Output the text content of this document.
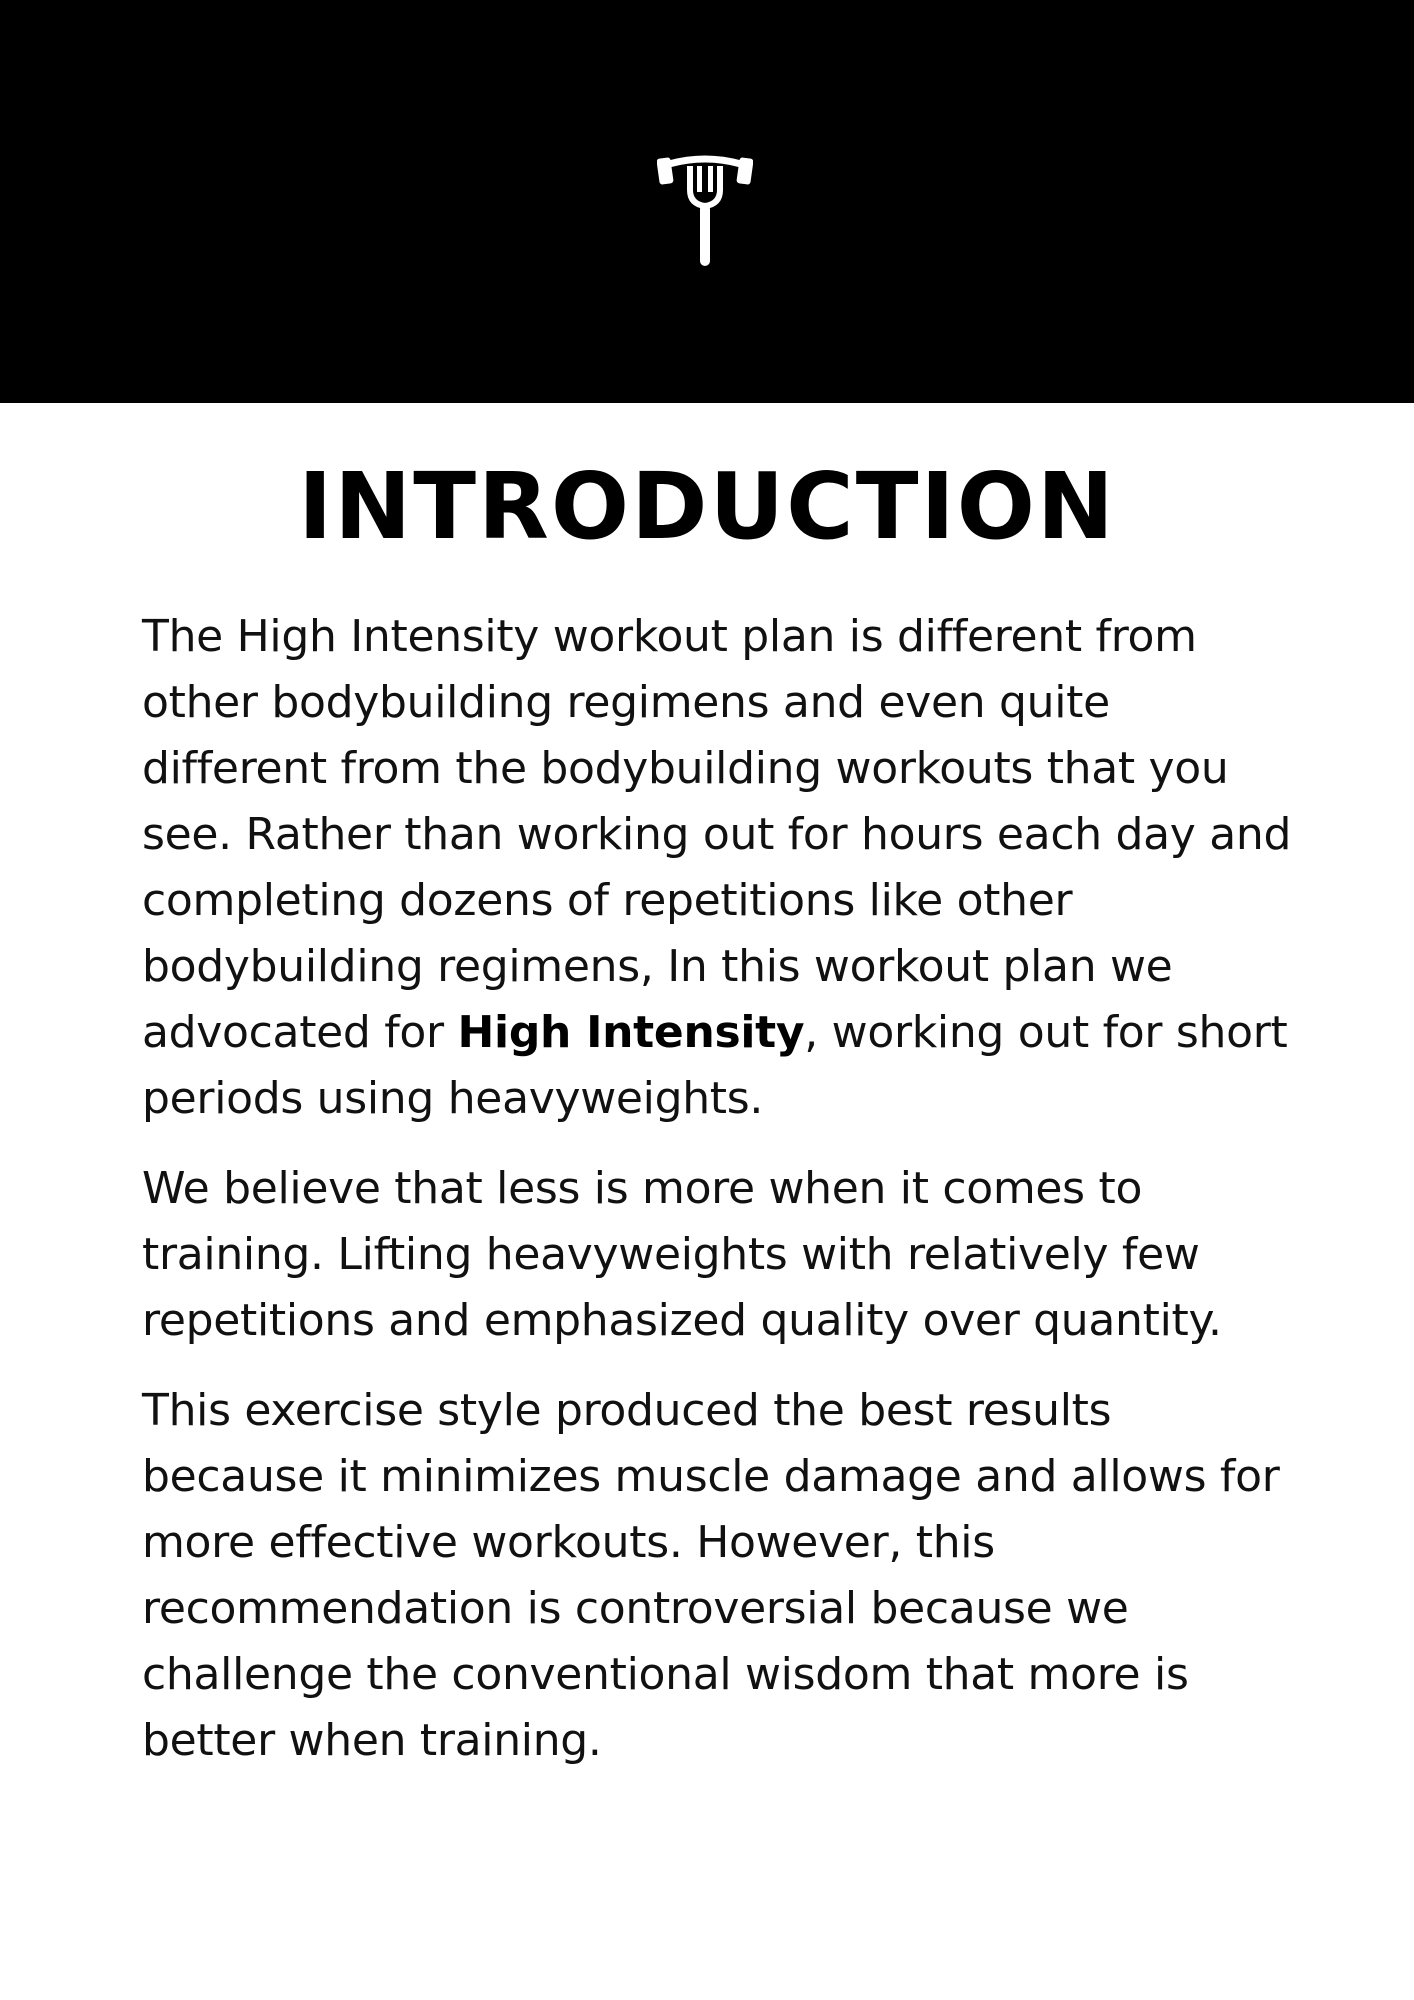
INTRODUCTION

The High Intensity workout plan is different from other bodybuilding regimens and even quite different from the bodybuilding workouts that you see. Rather than working out for hours each day and completing dozens of repetitions like other bodybuilding regimens, In this workout plan we advocated for High Intensity, working out for short periods using heavyweights.

We believe that less is more when it comes to training. Lifting heavyweights with relatively few repetitions and emphasized quality over quantity.

This exercise style produced the best results because it minimizes muscle damage and allows for more effective workouts. However, this recommendation is controversial because we challenge the conventional wisdom that more is better when training.
